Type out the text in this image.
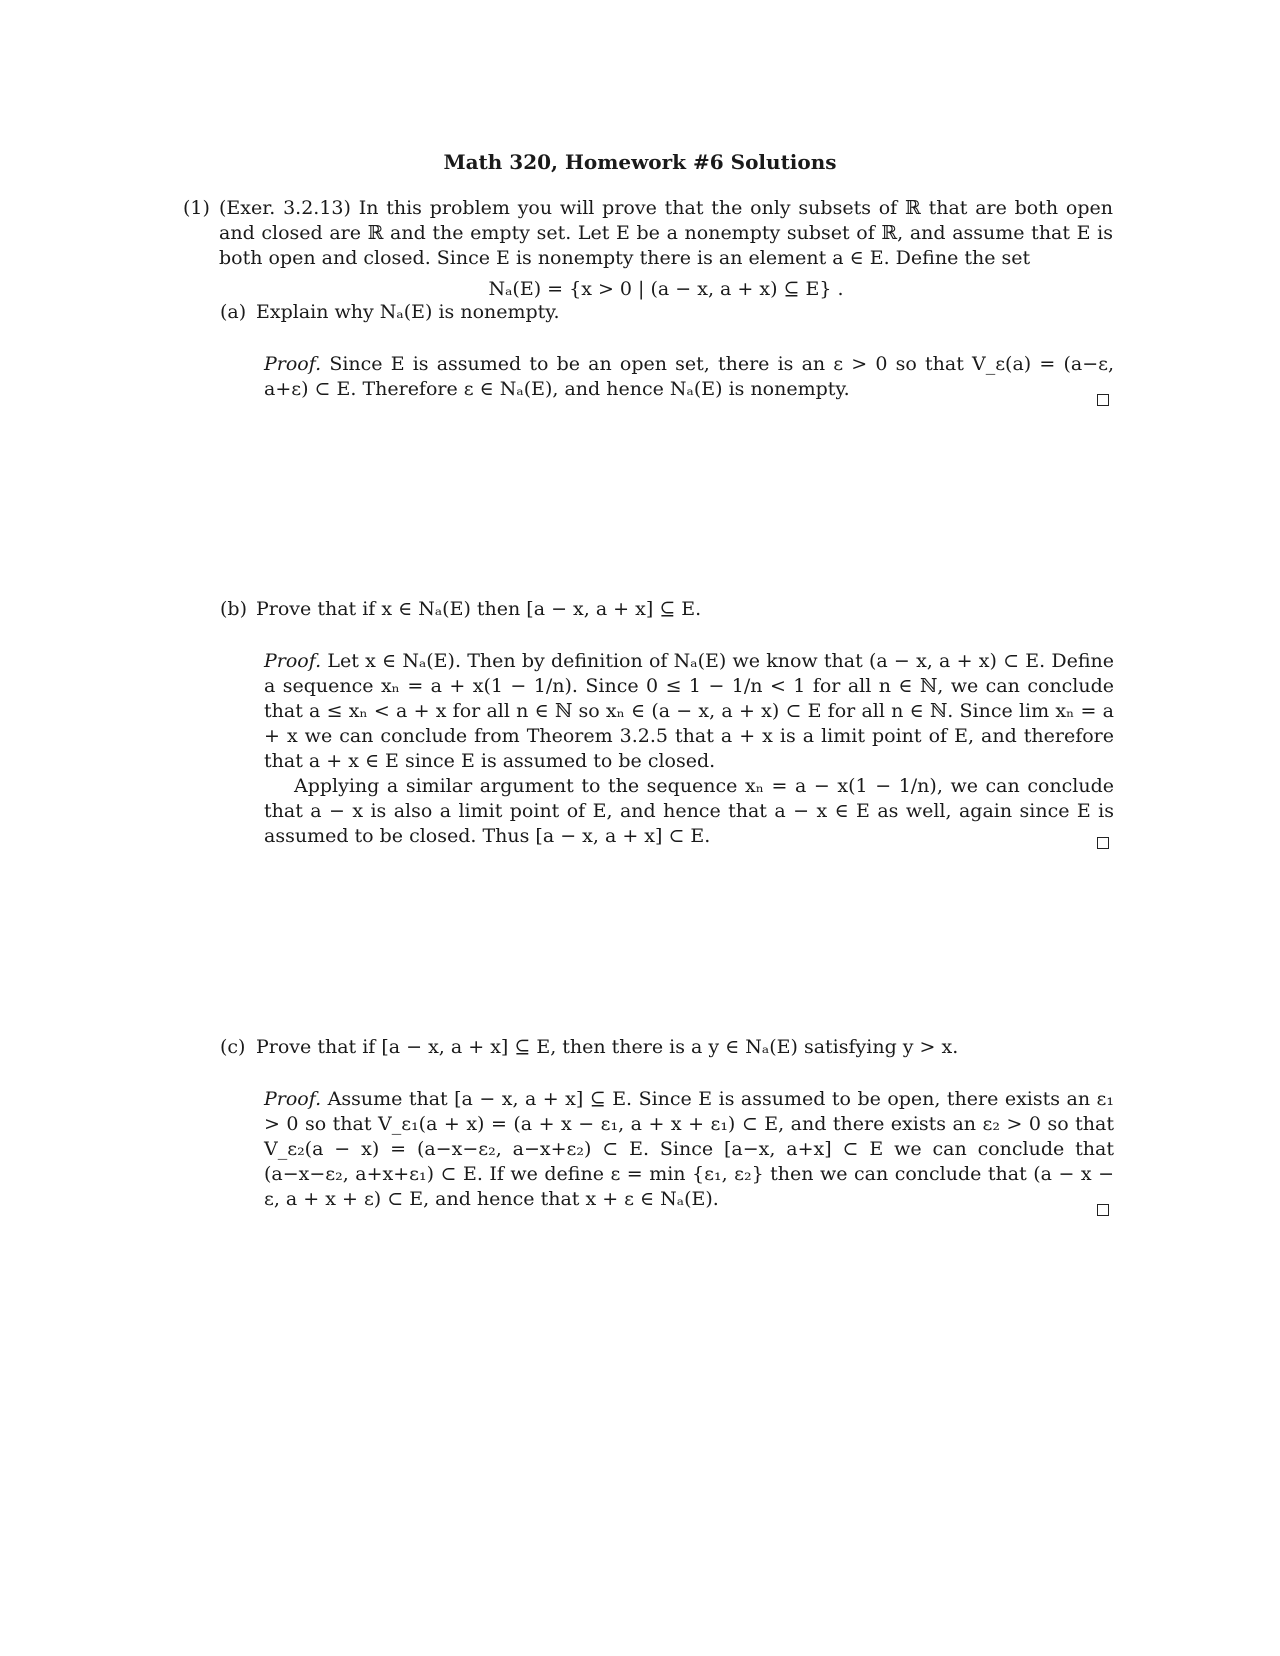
Math 320, Homework #6 Solutions
(1) (Exer. 3.2.13) In this problem you will prove that the only subsets of ℝ that are both open and closed are ℝ and the empty set. Let E be a nonempty subset of ℝ, and assume that E is both open and closed. Since E is nonempty there is an element a ∈ E. Define the set
Nₐ(E) = {x > 0 | (a − x, a + x) ⊆ E} .
(a) Explain why Nₐ(E) is nonempty.

Proof. Since E is assumed to be an open set, there is an ε > 0 so that V_ε(a) = (a−ε, a+ε) ⊂ E. Therefore ε ∈ Nₐ(E), and hence Nₐ(E) is nonempty.

(b) Prove that if x ∈ Nₐ(E) then [a − x, a + x] ⊆ E.

Proof. Let x ∈ Nₐ(E). Then by definition of Nₐ(E) we know that (a − x, a + x) ⊂ E. Define a sequence xₙ = a + x(1 − 1/n). Since 0 ≤ 1 − 1/n < 1 for all n ∈ ℕ, we can conclude that a ≤ xₙ < a + x for all n ∈ ℕ so xₙ ∈ (a − x, a + x) ⊂ E for all n ∈ ℕ. Since lim xₙ = a + x we can conclude from Theorem 3.2.5 that a + x is a limit point of E, and therefore that a + x ∈ E since E is assumed to be closed.

Applying a similar argument to the sequence xₙ = a − x(1 − 1/n), we can conclude that a − x is also a limit point of E, and hence that a − x ∈ E as well, again since E is assumed to be closed. Thus [a − x, a + x] ⊂ E.

(c) Prove that if [a − x, a + x] ⊆ E, then there is a y ∈ Nₐ(E) satisfying y > x.

Proof. Assume that [a − x, a + x] ⊆ E. Since E is assumed to be open, there exists an ε₁ > 0 so that V_ε₁(a + x) = (a + x − ε₁, a + x + ε₁) ⊂ E, and there exists an ε₂ > 0 so that V_ε₂(a − x) = (a−x−ε₂, a−x+ε₂) ⊂ E. Since [a−x, a+x] ⊂ E we can conclude that (a−x−ε₂, a+x+ε₁) ⊂ E. If we define ε = min {ε₁, ε₂} then we can conclude that (a − x − ε, a + x + ε) ⊂ E, and hence that x + ε ∈ Nₐ(E).
